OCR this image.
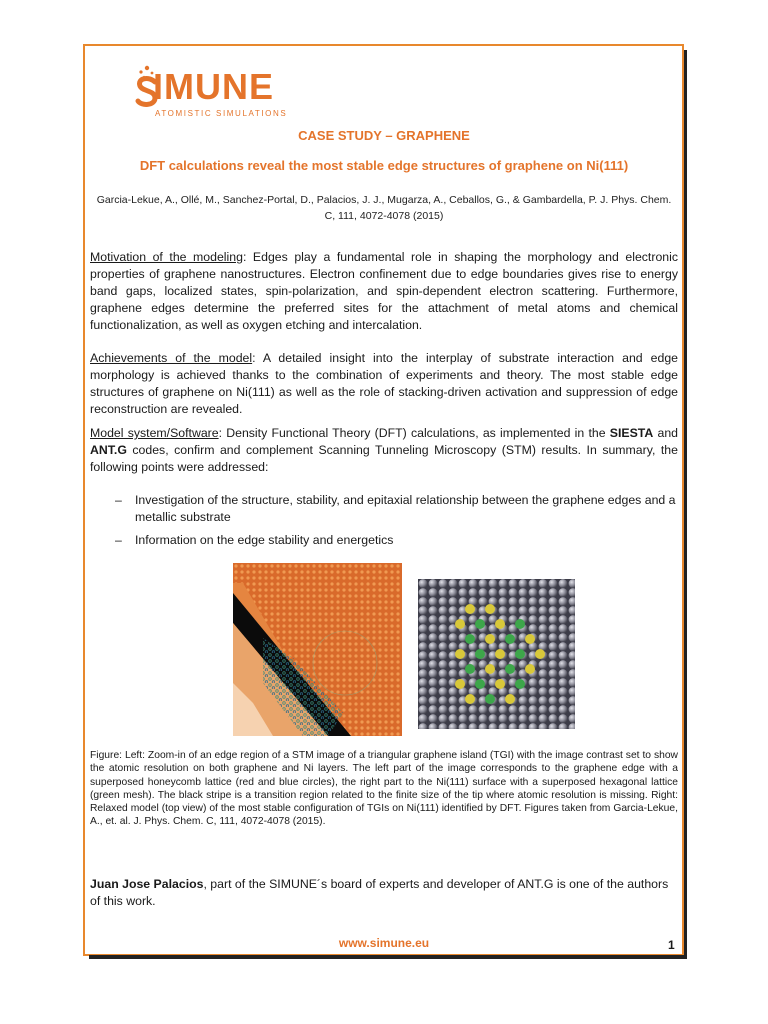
IMUNE
ATOMISTIC SIMULATIONS
CASE STUDY – GRAPHENE
DFT calculations reveal the most stable edge structures of graphene on Ni(111)
Garcia-Lekue, A., Ollé, M., Sanchez-Portal, D., Palacios, J. J., Mugarza, A., Ceballos, G., & Gambardella, P. J. Phys. Chem. C, 111, 4072-4078 (2015)
Motivation of the modeling: Edges play a fundamental role in shaping the morphology and electronic properties of graphene nanostructures. Electron confinement due to edge boundaries gives rise to energy band gaps, localized states, spin-polarization, and spin-dependent electron scattering. Furthermore, graphene edges determine the preferred sites for the attachment of metal atoms and chemical functionalization, as well as oxygen etching and intercalation.
Achievements of the model: A detailed insight into the interplay of substrate interaction and edge morphology is achieved thanks to the combination of experiments and theory. The most stable edge structures of graphene on Ni(111) as well as the role of stacking-driven activation and suppression of edge reconstruction are revealed.
Model system/Software: Density Functional Theory (DFT) calculations, as implemented in the SIESTA and ANT.G codes, confirm and complement Scanning Tunneling Microscopy (STM) results. In summary, the following points were addressed:
– Investigation of the structure, stability, and epitaxial relationship between the graphene edges and a metallic substrate
– Information on the edge stability and energetics
Figure: Left: Zoom-in of an edge region of a STM image of a triangular graphene island (TGI) with the image contrast set to show the atomic resolution on both graphene and Ni layers. The left part of the image corresponds to the graphene edge with a superposed honeycomb lattice (red and blue circles), the right part to the Ni(111) surface with a superposed hexagonal lattice (green mesh). The black stripe is a transition region related to the finite size of the tip where atomic resolution is missing. Right: Relaxed model (top view) of the most stable configuration of TGIs on Ni(111) identified by DFT. Figures taken from Garcia-Lekue, A., et. al. J. Phys. Chem. C, 111, 4072-4078 (2015).
Juan Jose Palacios, part of the SIMUNE´s board of experts and developer of ANT.G is one of the authors of this work.
www.simune.eu	1
